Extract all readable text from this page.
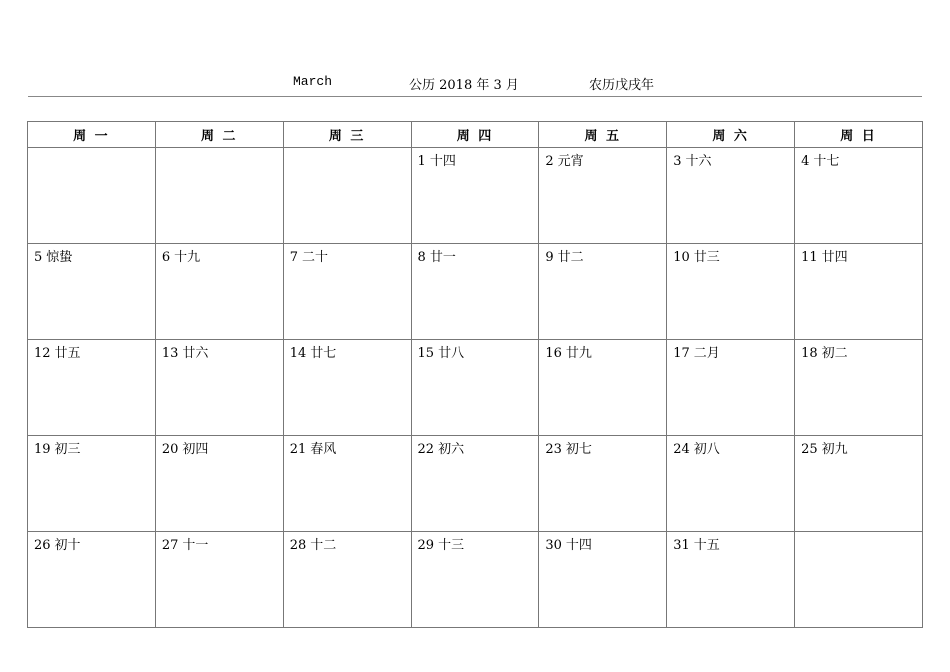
March	公历 2018 年 3 月	农历戊戌年
周 一	周 二	周 三	周 四	周 五	周 六	周 日

			1 十四	2 元宵	3 十六	4 十七

5 惊蛰	6 十九	7 二十	8 廿一	9 廿二	10 廿三	11 廿四

12 廿五	13 廿六	14 廿七	15 廿八	16 廿九	17 二月	18 初二

19 初三	20 初四	21 春风	22 初六	23 初七	24 初八	25 初九

26 初十	27 十一	28 十二	29 十三	30 十四	31 十五	
